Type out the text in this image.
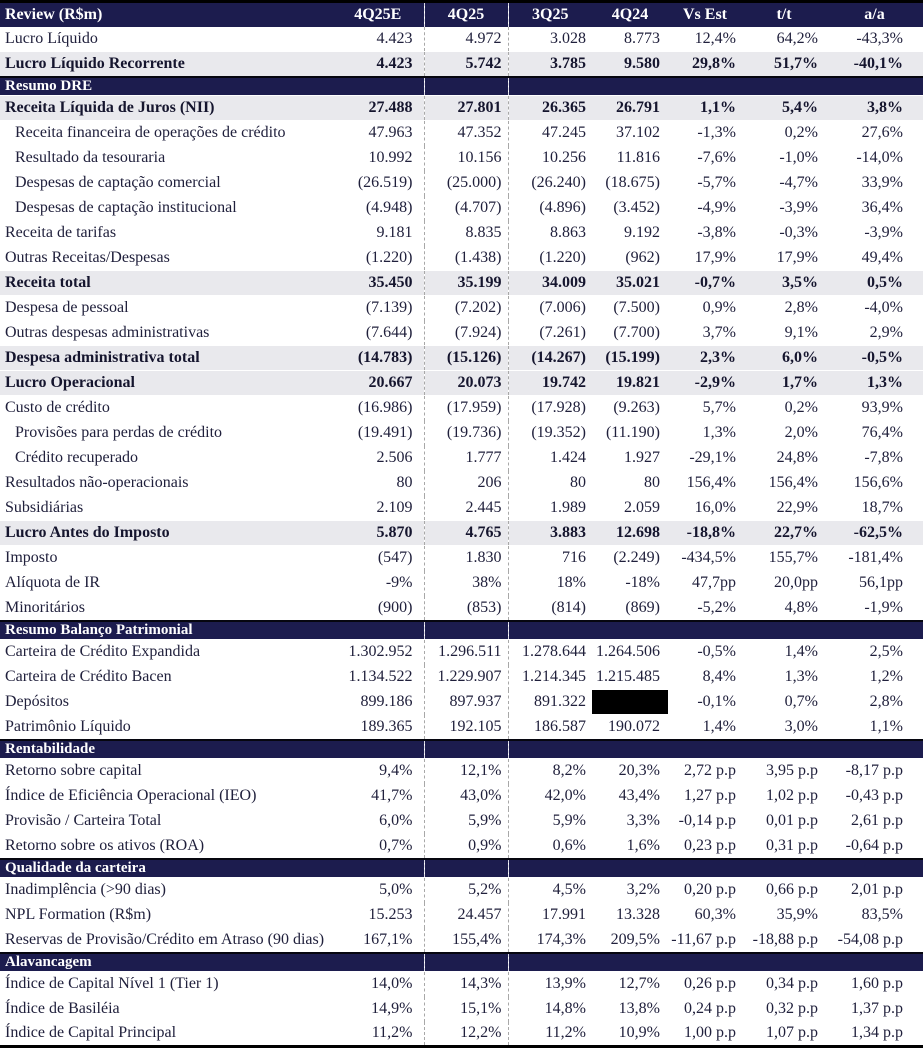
Review (R$m)	4Q25E	4Q25	3Q25	4Q24	Vs Est	t/t	a/a
Lucro Líquido	4.423	4.972	3.028	8.773	12,4%	64,2%	-43,3%
Lucro Líquido Recorrente	4.423	5.742	3.785	9.580	29,8%	51,7%	-40,1%
Resumo DRE							
Receita Líquida de Juros (NII)	27.488	27.801	26.365	26.791	1,1%	5,4%	3,8%
Receita financeira de operações de crédito	47.963	47.352	47.245	37.102	-1,3%	0,2%	27,6%
Resultado da tesouraria	10.992	10.156	10.256	11.816	-7,6%	-1,0%	-14,0%
Despesas de captação comercial	(26.519)	(25.000)	(26.240)	(18.675)	-5,7%	-4,7%	33,9%
Despesas de captação institucional	(4.948)	(4.707)	(4.896)	(3.452)	-4,9%	-3,9%	36,4%
Receita de tarifas	9.181	8.835	8.863	9.192	-3,8%	-0,3%	-3,9%
Outras Receitas/Despesas	(1.220)	(1.438)	(1.220)	(962)	17,9%	17,9%	49,4%
Receita total	35.450	35.199	34.009	35.021	-0,7%	3,5%	0,5%
Despesa de pessoal	(7.139)	(7.202)	(7.006)	(7.500)	0,9%	2,8%	-4,0%
Outras despesas administrativas	(7.644)	(7.924)	(7.261)	(7.700)	3,7%	9,1%	2,9%
Despesa administrativa total	(14.783)	(15.126)	(14.267)	(15.199)	2,3%	6,0%	-0,5%
Lucro Operacional	20.667	20.073	19.742	19.821	-2,9%	1,7%	1,3%
Custo de crédito	(16.986)	(17.959)	(17.928)	(9.263)	5,7%	0,2%	93,9%
Provisões para perdas de crédito	(19.491)	(19.736)	(19.352)	(11.190)	1,3%	2,0%	76,4%
Crédito recuperado	2.506	1.777	1.424	1.927	-29,1%	24,8%	-7,8%
Resultados não-operacionais	80	206	80	80	156,4%	156,4%	156,6%
Subsidiárias	2.109	2.445	1.989	2.059	16,0%	22,9%	18,7%
Lucro Antes do Imposto	5.870	4.765	3.883	12.698	-18,8%	22,7%	-62,5%
Imposto	(547)	1.830	716	(2.249)	-434,5%	155,7%	-181,4%
Alíquota de IR	-9%	38%	18%	-18%	47,7pp	20,0pp	56,1pp
Minoritários	(900)	(853)	(814)	(869)	-5,2%	4,8%	-1,9%
Resumo Balanço Patrimonial							
Carteira de Crédito Expandida	1.302.952	1.296.511	1.278.644	1.264.506	-0,5%	1,4%	2,5%
Carteira de Crédito Bacen	1.134.522	1.229.907	1.214.345	1.215.485	8,4%	1,3%	1,2%
Depósitos	899.186	897.937	891.322		-0,1%	0,7%	2,8%
Patrimônio Líquido	189.365	192.105	186.587	190.072	1,4%	3,0%	1,1%
Rentabilidade							
Retorno sobre capital	9,4%	12,1%	8,2%	20,3%	2,72 p.p	3,95 p.p	-8,17 p.p
Índice de Eficiência Operacional (IEO)	41,7%	43,0%	42,0%	43,4%	1,27 p.p	1,02 p.p	-0,43 p.p
Provisão / Carteira Total	6,0%	5,9%	5,9%	3,3%	-0,14 p.p	0,01 p.p	2,61 p.p
Retorno sobre os ativos (ROA)	0,7%	0,9%	0,6%	1,6%	0,23 p.p	0,31 p.p	-0,64 p.p
Qualidade da carteira							
Inadimplência (>90 dias)	5,0%	5,2%	4,5%	3,2%	0,20 p.p	0,66 p.p	2,01 p.p
NPL Formation (R$m)	15.253	24.457	17.991	13.328	60,3%	35,9%	83,5%
Reservas de Provisão/Crédito em Atraso (90 dias)	167,1%	155,4%	174,3%	209,5%	-11,67 p.p	-18,88 p.p	-54,08 p.p
Alavancagem							
Índice de Capital Nível 1 (Tier 1)	14,0%	14,3%	13,9%	12,7%	0,26 p.p	0,34 p.p	1,60 p.p
Índice de Basiléia	14,9%	15,1%	14,8%	13,8%	0,24 p.p	0,32 p.p	1,37 p.p
Índice de Capital Principal	11,2%	12,2%	11,2%	10,9%	1,00 p.p	1,07 p.p	1,34 p.p
